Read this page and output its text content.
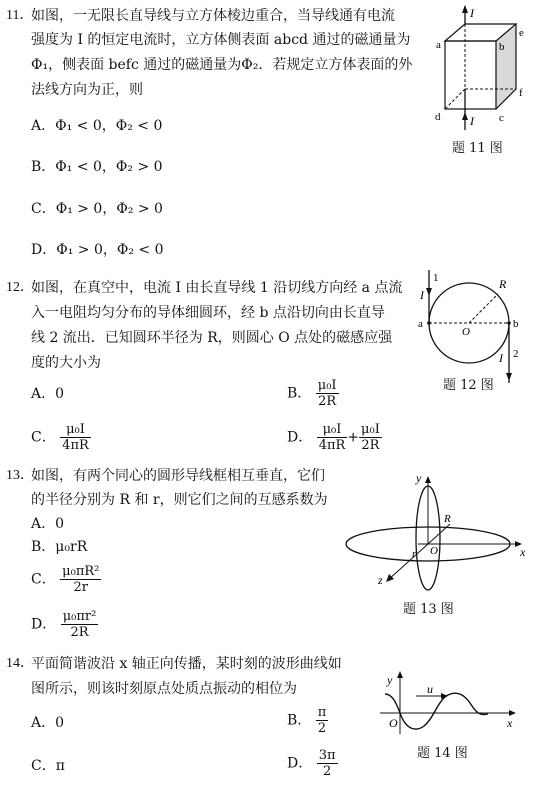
11．
如图，一无限长直导线与立方体棱边重合，当导线通有电流
强度为 I 的恒定电流时，立方体侧表面 abcd 通过的磁通量为
Φ₁，侧表面 befc 通过的磁通量为Φ₂．若规定立方体表面的外
法线方向为正，则
A．Φ₁ < 0，Φ₂ < 0
B．Φ₁ < 0，Φ₂ > 0
C．Φ₁ > 0，Φ₂ > 0
D．Φ₁ > 0，Φ₂ < 0
I
I
a	b
e
f
c
d
题 11 图
12．
如图，在真空中，电流 I 由长直导线 1 沿切线方向经 a 点流
入一电阻均匀分布的导体细圆环，经 b 点沿切向由长直导
线 2 流出．已知圆环半径为 R，则圆心 O 点处的磁感应强
度的大小为
A．0	B． $\frac{\text{μ₀I}}{2R}$
C． $\frac{\text{μ₀I}}{4\pi R}$	D． $\frac{\text{μ₀I}}{4\pi R} + \frac{\text{μ₀I}}{2R}$
1
I
R
a	b
O
I 2
题 12 图
13．
如图，有两个同心的圆形导线框相互垂直，它们
的半径分别为 R 和 r，则它们之间的互感系数为
A．0
B．μ₀rR
C． $\frac{\text{μ₀πR²}}{2r}$
D． $\frac{\text{μ₀πr²}}{2R}$
y
R
r O	x
z
题 13 图
14．
平面简谐波沿 x 轴正向传播，某时刻的波形曲线如
图所示，则该时刻原点处质点振动的相位为
A．0	B． $\frac{\pi}{2}$
C．π	D． $\frac{3\pi}{2}$
y
u
O	x
题 14 图
